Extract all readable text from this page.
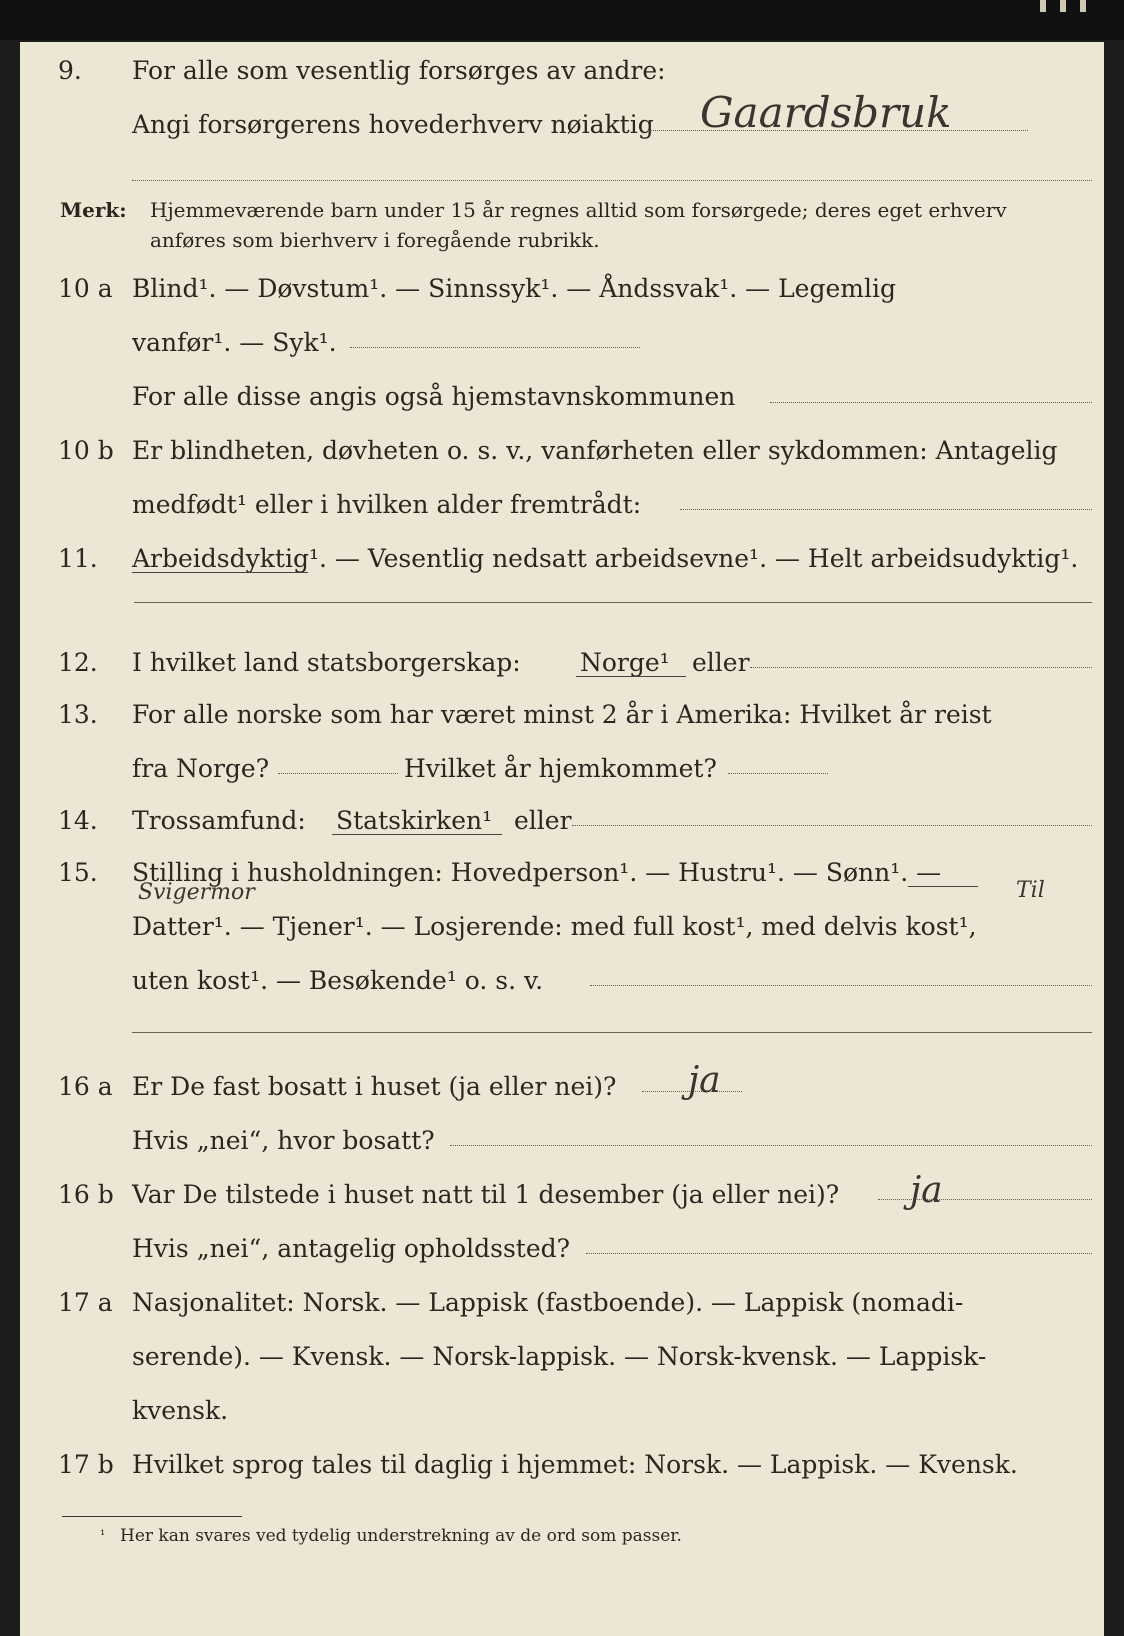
9. For alle som vesentlig forsørges av andre:
Angi forsørgerens hovederhverv nøiaktig Gaardsbruk
Merk: Hjemmeværende barn under 15 år regnes alltid som forsørgede; deres eget erhverv
anføres som bierhverv i foregående rubrikk.
10 a Blind¹. — Døvstum¹. — Sinnssyk¹. — Åndssvak¹. — Legemlig
vanfør¹. — Syk¹.
For alle disse angis også hjemstavnskommunen
10 b Er blindheten, døvheten o. s. v., vanførheten eller sykdommen: Antagelig
medfødt¹ eller i hvilken alder fremtrådt:
11. Arbeidsdyktig¹. — Vesentlig nedsatt arbeidsevne¹. — Helt arbeidsudyktig¹.
12. I hvilket land statsborgerskap: Norge¹ eller
13. For alle norske som har været minst 2 år i Amerika: Hvilket år reist
fra Norge?	Hvilket år hjemkommet?
14. Trossamfund: Statskirken¹ eller
15. Stilling i husholdningen: Hovedperson¹. — Hustru¹. — Sønn¹. —
Svigermor	Til
Datter¹. — Tjener¹. — Losjerende: med full kost¹, med delvis kost¹,
uten kost¹. — Besøkende¹ o. s. v.
16 a Er De fast bosatt i huset (ja eller nei)? ja
Hvis „nei“, hvor bosatt?
16 b Var De tilstede i huset natt til 1 desember (ja eller nei)? ja
Hvis „nei“, antagelig opholdssted?
17 a Nasjonalitet: Norsk. — Lappisk (fastboende). — Lappisk (nomadi-
serende). — Kvensk. — Norsk-lappisk. — Norsk-kvensk. — Lappisk-
kvensk.
17 b Hvilket sprog tales til daglig i hjemmet: Norsk. — Lappisk. — Kvensk.
¹ Her kan svares ved tydelig understrekning av de ord som passer.
